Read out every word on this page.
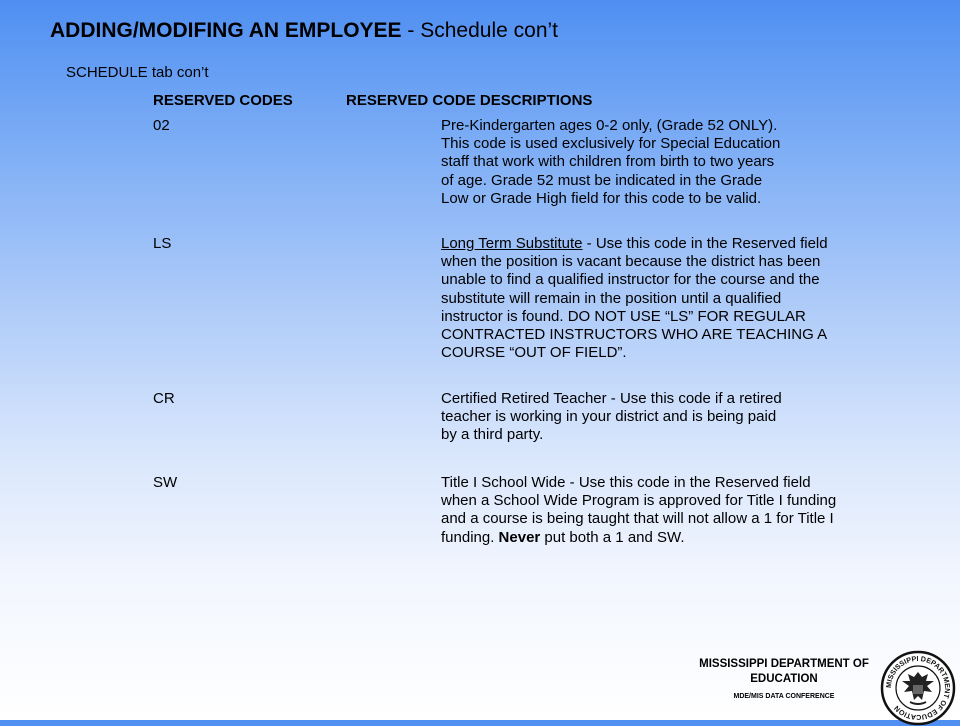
ADDING/MODIFING AN EMPLOYEE - Schedule con’t
SCHEDULE tab con’t
RESERVED CODES	RESERVED CODE DESCRIPTIONS
02	Pre-Kindergarten ages 0-2 only, (Grade 52 ONLY).
This code is used exclusively for Special Education
staff that work with children from birth to two years
of age. Grade 52 must be indicated in the Grade
Low or Grade High field for this code to be valid.
LS	Long Term Substitute - Use this code in the Reserved field
when the position is vacant because the district has been
unable to find a qualified instructor for the course and the
substitute will remain in the position until a qualified
instructor is found. DO NOT USE “LS” FOR REGULAR
CONTRACTED INSTRUCTORS WHO ARE TEACHING A
COURSE “OUT OF FIELD”.
CR	Certified Retired Teacher - Use this code if a retired
teacher is working in your district and is being paid
by a third party.
SW	Title I School Wide - Use this code in the Reserved field
when a School Wide Program is approved for Title I funding
and a course is being taught that will not allow a 1 for Title I
funding. Never put both a 1 and SW.
MISSISSIPPI DEPARTMENT OF
EDUCATION
MDE/MIS DATA CONFERENCE
MISSISSIPPI DEPARTMENT OF EDUCATION
